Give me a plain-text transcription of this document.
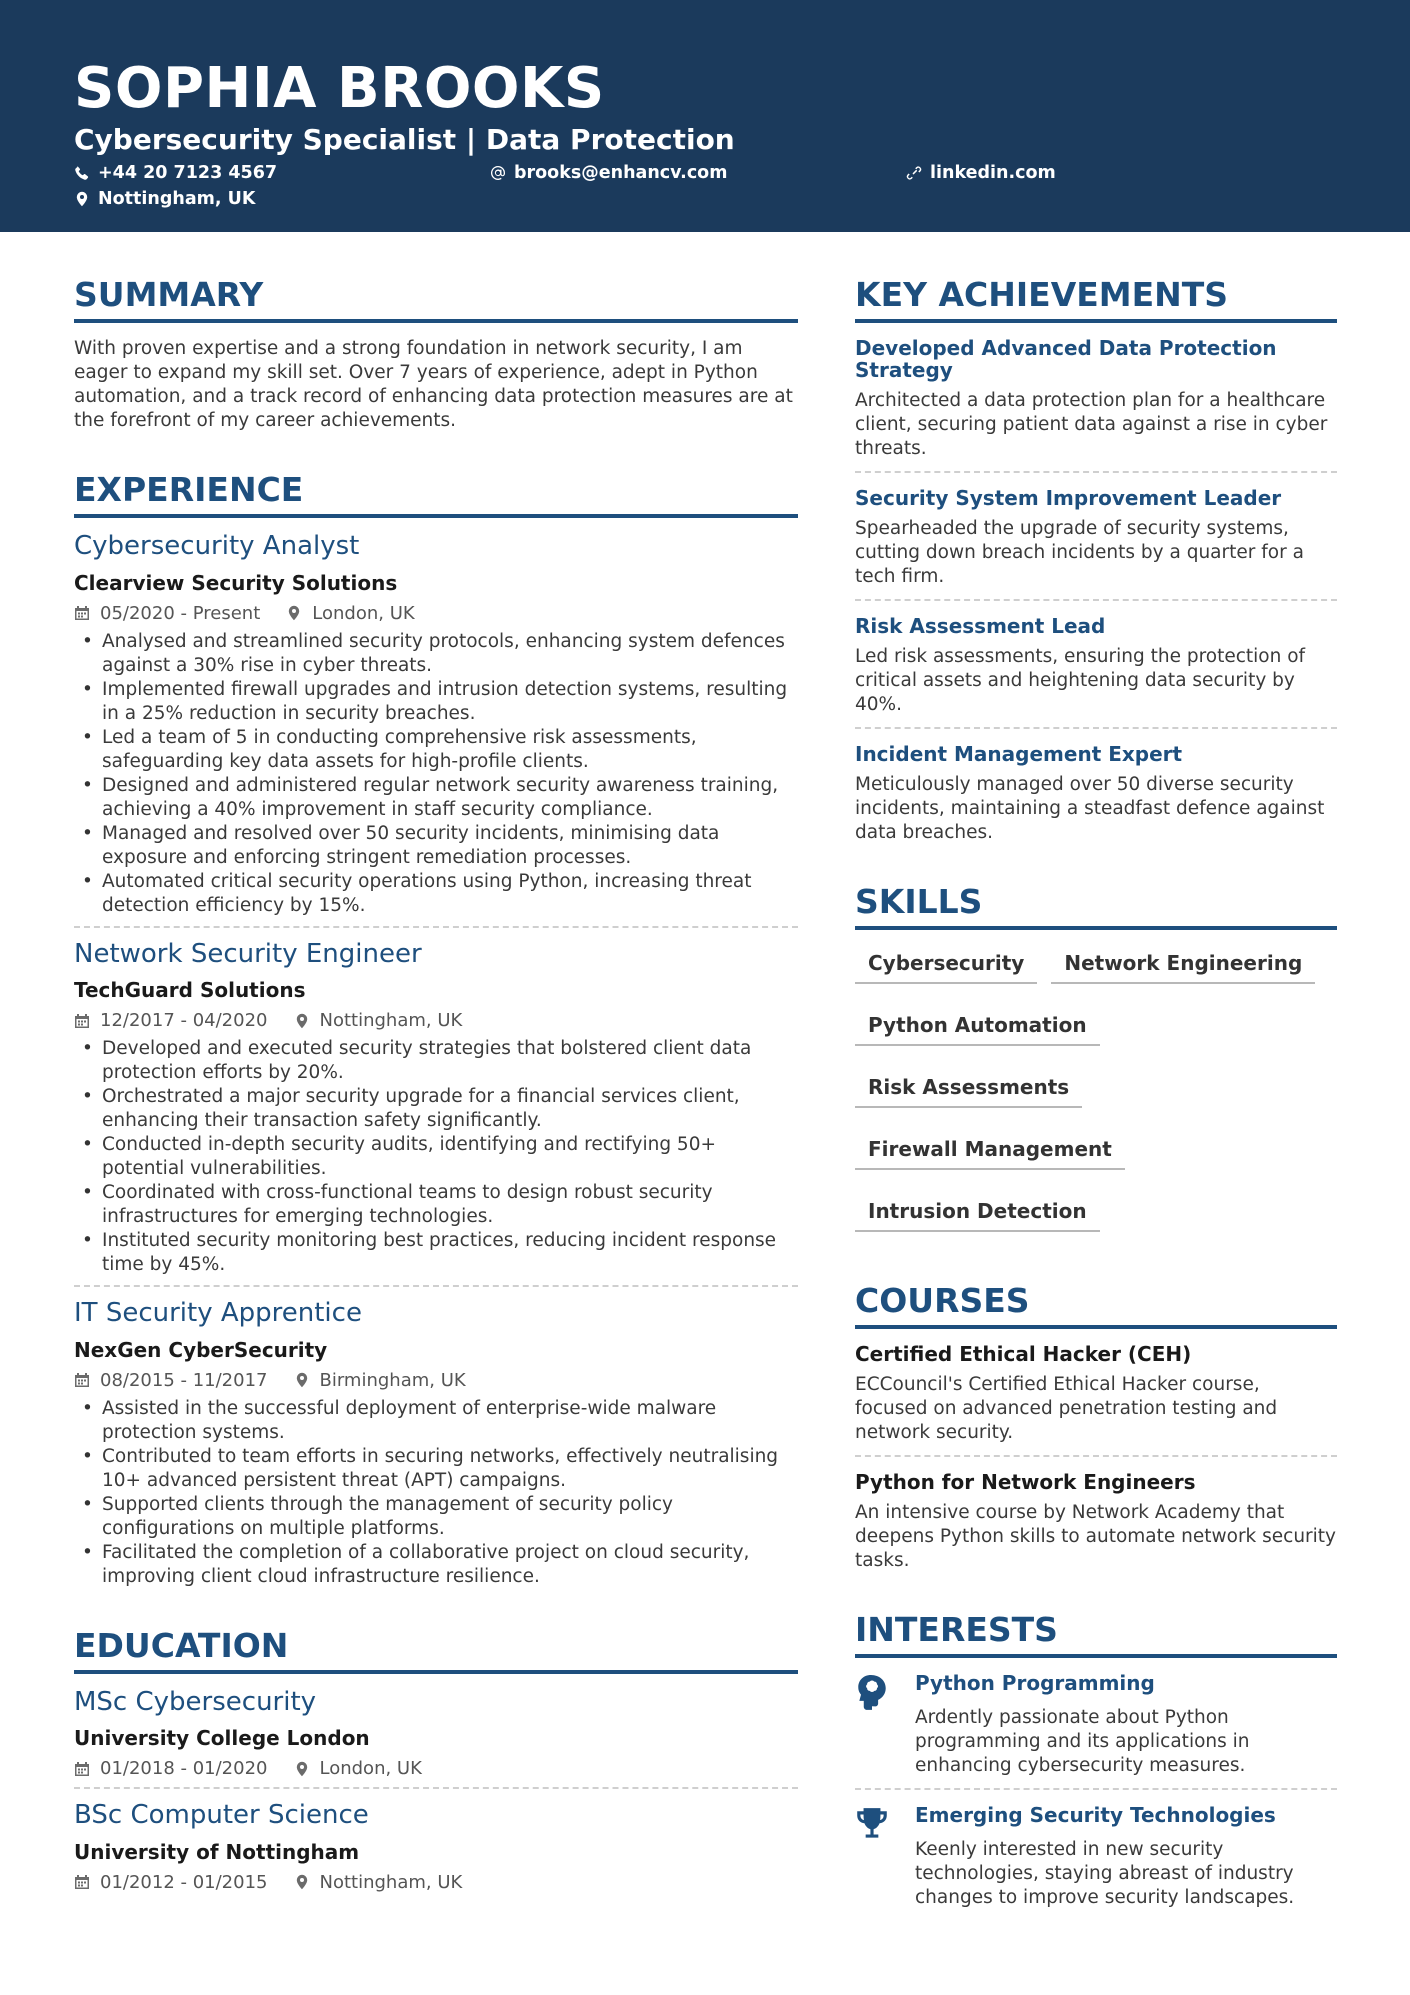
SOPHIA BROOKS
Cybersecurity Specialist | Data Protection
+44 20 7123 4567	brooks@enhancv.com	linkedin.com
Nottingham, UK
SUMMARY
With proven expertise and a strong foundation in network security, I am eager to expand my skill set. Over 7 years of experience, adept in Python automation, and a track record of enhancing data protection measures are at the forefront of my career achievements.
EXPERIENCE
Cybersecurity Analyst
Clearview Security Solutions
05/2020 - Present	London, UK
• Analysed and streamlined security protocols, enhancing system defences against a 30% rise in cyber threats.
• Implemented firewall upgrades and intrusion detection systems, resulting in a 25% reduction in security breaches.
• Led a team of 5 in conducting comprehensive risk assessments, safeguarding key data assets for high-profile clients.
• Designed and administered regular network security awareness training, achieving a 40% improvement in staff security compliance.
• Managed and resolved over 50 security incidents, minimising data exposure and enforcing stringent remediation processes.
• Automated critical security operations using Python, increasing threat detection efficiency by 15%.
Network Security Engineer
TechGuard Solutions
12/2017 - 04/2020	Nottingham, UK
• Developed and executed security strategies that bolstered client data protection efforts by 20%.
• Orchestrated a major security upgrade for a financial services client, enhancing their transaction safety significantly.
• Conducted in-depth security audits, identifying and rectifying 50+ potential vulnerabilities.
• Coordinated with cross-functional teams to design robust security infrastructures for emerging technologies.
• Instituted security monitoring best practices, reducing incident response time by 45%.
IT Security Apprentice
NexGen CyberSecurity
08/2015 - 11/2017	Birmingham, UK
• Assisted in the successful deployment of enterprise-wide malware protection systems.
• Contributed to team efforts in securing networks, effectively neutralising 10+ advanced persistent threat (APT) campaigns.
• Supported clients through the management of security policy configurations on multiple platforms.
• Facilitated the completion of a collaborative project on cloud security, improving client cloud infrastructure resilience.
EDUCATION
MSc Cybersecurity
University College London
01/2018 - 01/2020	London, UK
BSc Computer Science
University of Nottingham
01/2012 - 01/2015	Nottingham, UK
KEY ACHIEVEMENTS
Developed Advanced Data Protection Strategy
Architected a data protection plan for a healthcare client, securing patient data against a rise in cyber threats.
Security System Improvement Leader
Spearheaded the upgrade of security systems, cutting down breach incidents by a quarter for a tech firm.
Risk Assessment Lead
Led risk assessments, ensuring the protection of critical assets and heightening data security by 40%.
Incident Management Expert
Meticulously managed over 50 diverse security incidents, maintaining a steadfast defence against data breaches.
SKILLS
Cybersecurity	Network Engineering
Python Automation
Risk Assessments
Firewall Management
Intrusion Detection
COURSES
Certified Ethical Hacker (CEH)
ECCouncil's Certified Ethical Hacker course, focused on advanced penetration testing and network security.
Python for Network Engineers
An intensive course by Network Academy that deepens Python skills to automate network security tasks.
INTERESTS
Python Programming
Ardently passionate about Python programming and its applications in enhancing cybersecurity measures.
Emerging Security Technologies
Keenly interested in new security technologies, staying abreast of industry changes to improve security landscapes.
